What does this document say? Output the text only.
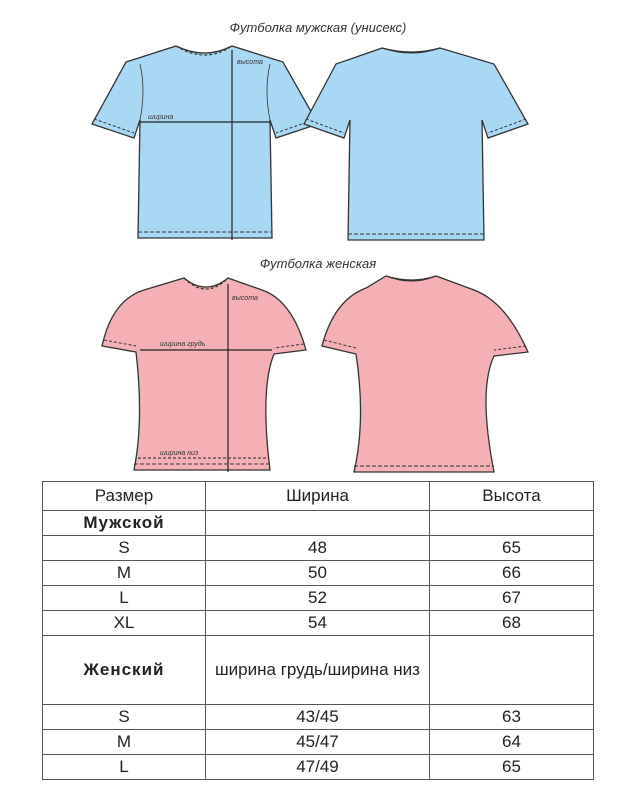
Футболка мужская (унисекс)
Футболка женская
высота
ширина
высота
ширина грудь
ширина низ
Размер	Ширина	Высота
Мужской		
S	48	65
M	50	66
L	52	67
XL	54	68
Женский	ширина грудь/ширина низ	
S	43/45	63
M	45/47	64
L	47/49	65
